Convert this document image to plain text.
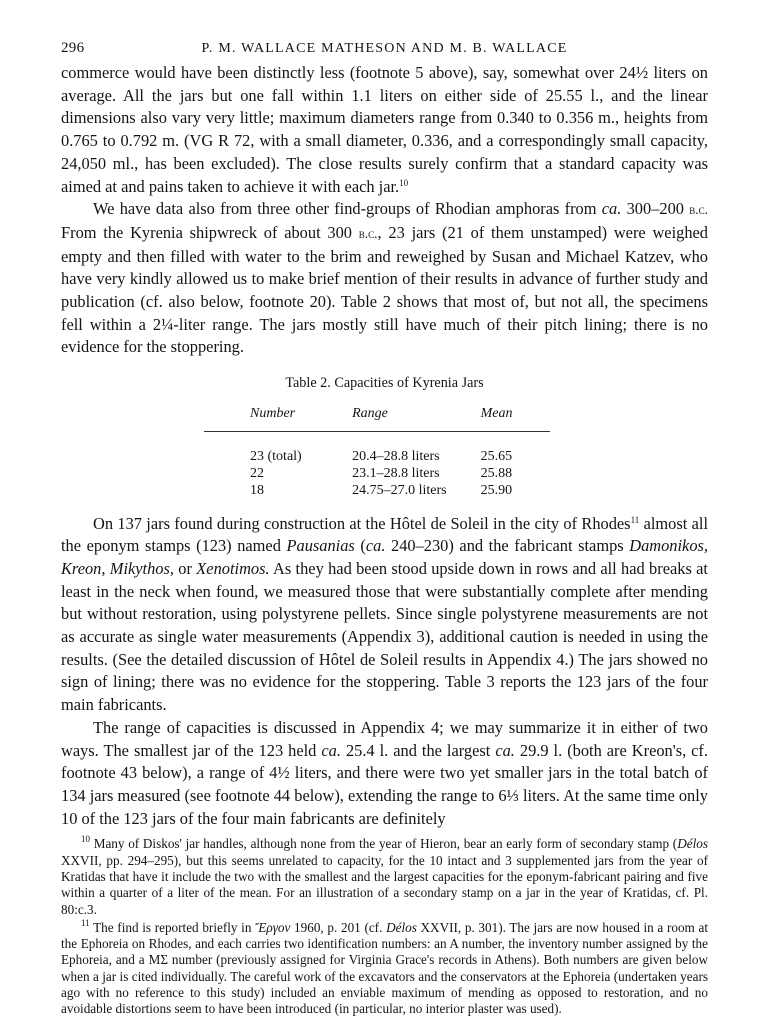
296	P. M. WALLACE MATHESON AND M. B. WALLACE

commerce would have been distinctly less (footnote 5 above), say, somewhat over 24½ liters on average. All the jars but one fall within 1.1 liters on either side of 25.55 l., and the linear dimensions also vary very little; maximum diameters range from 0.340 to 0.356 m., heights from 0.765 to 0.792 m. (VG R 72, with a small diameter, 0.336, and a correspondingly small capacity, 24,050 ml., has been excluded). The close results surely confirm that a standard capacity was aimed at and pains taken to achieve it with each jar.$^{10}$

We have data also from three other find-groups of Rhodian amphoras from ca. 300–200 b.c. From the Kyrenia shipwreck of about 300 b.c., 23 jars (21 of them unstamped) were weighed empty and then filled with water to the brim and reweighed by Susan and Michael Katzev, who have very kindly allowed us to make brief mention of their results in advance of further study and publication (cf. also below, footnote 20). Table 2 shows that most of, but not all, the specimens fell within a 2¼-liter range. The jars mostly still have much of their pitch lining; there is no evidence for the stoppering.

Table 2. Capacities of Kyrenia Jars
Number	Range	Mean
23 (total)	20.4–28.8 liters	25.65
22	23.1–28.8 liters	25.88
18	24.75–27.0 liters	25.90

On 137 jars found during construction at the Hôtel de Soleil in the city of Rhodes$^{11}$ almost all the eponym stamps (123) named Pausanias (ca. 240–230) and the fabricant stamps Damonikos, Kreon, Mikythos, or Xenotimos. As they had been stood upside down in rows and all had breaks at least in the neck when found, we measured those that were substantially complete after mending but without restoration, using polystyrene pellets. Since single polystyrene measurements are not as accurate as single water measurements (Appendix 3), additional caution is needed in using the results. (See the detailed discussion of Hôtel de Soleil results in Appendix 4.) The jars showed no sign of lining; there was no evidence for the stoppering. Table 3 reports the 123 jars of the four main fabricants.

The range of capacities is discussed in Appendix 4; we may summarize it in either of two ways. The smallest jar of the 123 held ca. 25.4 l. and the largest ca. 29.9 l. (both are Kreon's, cf. footnote 43 below), a range of 4½ liters, and there were two yet smaller jars in the total batch of 134 jars measured (see footnote 44 below), extending the range to 6⅓ liters. At the same time only 10 of the 123 jars of the four main fabricants are definitely

$^{10}$ Many of Diskos' jar handles, although none from the year of Hieron, bear an early form of secondary stamp (Délos XXVII, pp. 294–295), but this seems unrelated to capacity, for the 10 intact and 3 supplemented jars from the year of Kratidas that have it include the two with the smallest and the largest capacities for the eponym-fabricant pairing and five within a quarter of a liter of the mean. For an illustration of a secondary stamp on a jar in the year of Kratidas, cf. Pl. 80:c.3.

$^{11}$ The find is reported briefly in Ἔργον 1960, p. 201 (cf. Délos XXVII, p. 301). The jars are now housed in a room at the Ephoreia on Rhodes, and each carries two identification numbers: an A number, the inventory number assigned by the Ephoreia, and a ΜΣ number (previously assigned for Virginia Grace's records in Athens). Both numbers are given below when a jar is cited individually. The careful work of the excavators and the conservators at the Ephoreia (undertaken years ago with no reference to this study) included an enviable maximum of mending as opposed to restoration, and no avoidable distortions seem to have been introduced (in particular, no interior plaster was used).
